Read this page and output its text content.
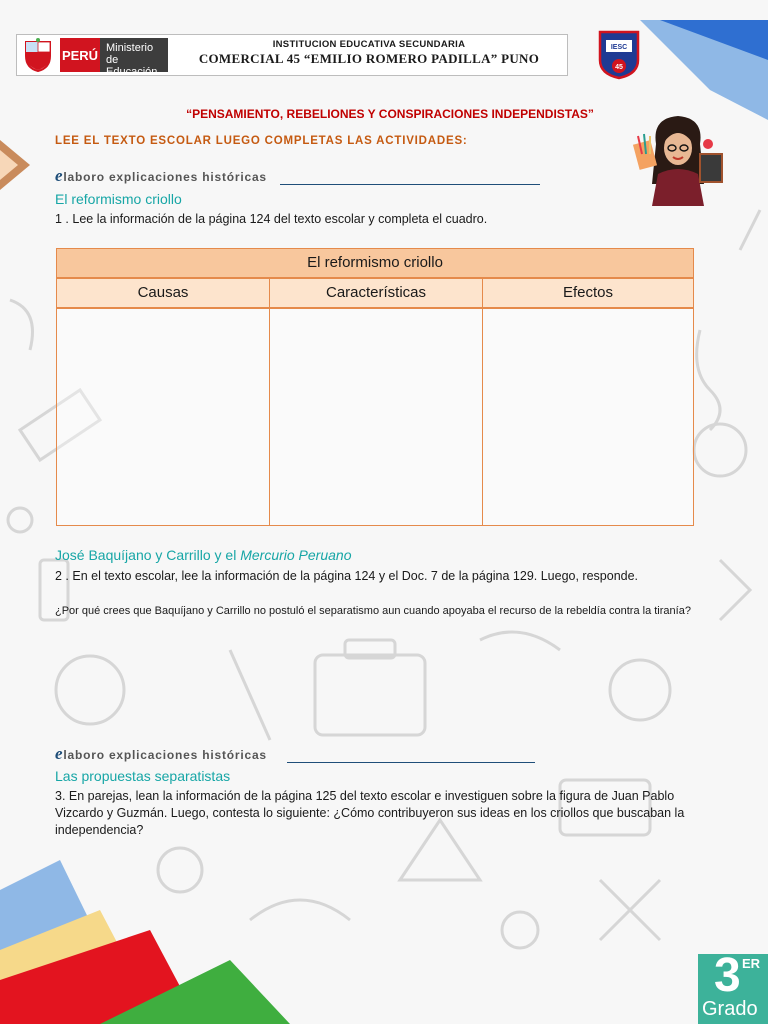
PERÚ Ministerio de Educación
INSTITUCION EDUCATIVA SECUNDARIA
COMERCIAL 45 “EMILIO ROMERO PADILLA” PUNO
IESC
45
“PENSAMIENTO, REBELIONES Y CONSPIRACIONES INDEPENDISTAS”
LEE EL TEXTO ESCOLAR LUEGO COMPLETAS LAS ACTIVIDADES:
elaboro explicaciones históricas
El reformismo criollo
1 . Lee la información de la página 124 del texto escolar y completa el cuadro.
El reformismo criollo
Causas	Características	Efectos
José Baquíjano y Carrillo y el Mercurio Peruano
2 . En el texto escolar, lee la información de la página 124 y el Doc. 7 de la página 129. Luego, responde.
¿Por qué crees que Baquíjano y Carrillo no postuló el separatismo aun cuando apoyaba el recurso de la rebeldía contra la tiranía?
elaboro explicaciones históricas
Las propuestas separatistas
3. En parejas, lean la información de la página 125 del texto escolar e investiguen sobre la figura de Juan Pablo Vizcardo y Guzmán. Luego, contesta lo siguiente: ¿Cómo contribuyeron sus ideas en los criollos que buscaban la independencia?
3 ER
Grado
